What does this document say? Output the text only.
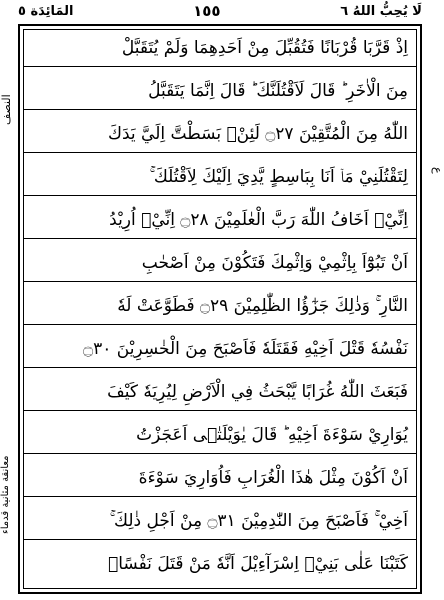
لَا يُحِبُّ اللهُ ٦
١٥٥
المَائِدَة ٥
النصف
معانقة مثانية قدماء
ع
اِذْ قَرَّبَا قُرْبَانًا فَتُقُبِّلَ مِنْ اَحَدِهِمَا وَلَمْ يُتَقَبَّلْ
مِنَ الْاٰخَرِ ؕ قَالَ لَاَقْتُلَنَّكَ ؕ قَالَ اِنَّمَا يَتَقَبَّلُ
اللّٰهُ مِنَ الْمُتَّقِيْنَ ۝٢٧ لَئِنْۢ بَسَطْتَّ اِلَيَّ يَدَكَ
لِتَقْتُلَنِيْ مَاۤ اَنَا بِبَاسِطٍ يَّدِيَ اِلَيْكَ لِاَقْتُلَكَ ۚ
اِنِّيْۤ اَخَافُ اللّٰهَ رَبَّ الْعٰلَمِيْنَ ۝٢٨ اِنِّيْۤ اُرِيْدُ
اَنْ تَبُوْٓاَ بِاِثْمِيْ وَاِثْمِكَ فَتَكُوْنَ مِنْ اَصْحٰبِ
النَّارِ ۚ وَذٰلِكَ جَزٰٓؤُا الظّٰلِمِيْنَ ۝٢٩ فَطَوَّعَتْ لَهٗ
نَفْسُهٗ قَتْلَ اَخِيْهِ فَقَتَلَهٗ فَاَصْبَحَ مِنَ الْخٰسِرِيْنَ ۝٣٠
فَبَعَثَ اللّٰهُ غُرَابًا يَّبْحَثُ فِي الْاَرْضِ لِيُرِيَهٗ كَيْفَ
يُوَارِيْ سَوْءَةَ اَخِيْهِ ؕ قَالَ يٰوَيْلَتٰۤى اَعَجَزْتُ
اَنْ اَكُوْنَ مِثْلَ هٰذَا الْغُرَابِ فَاُوَارِيَ سَوْءَةَ
اَخِيْ ۚ فَاَصْبَحَ مِنَ النّٰدِمِيْنَ ۝٣١ مِنْ اَجْلِ ذٰلِكَ ۚ
كَتَبْنَا عَلٰى بَنِيْۤ اِسْرَآءِيْلَ اَنَّهٗ مَنْ قَتَلَ نَفْسًاۢ
